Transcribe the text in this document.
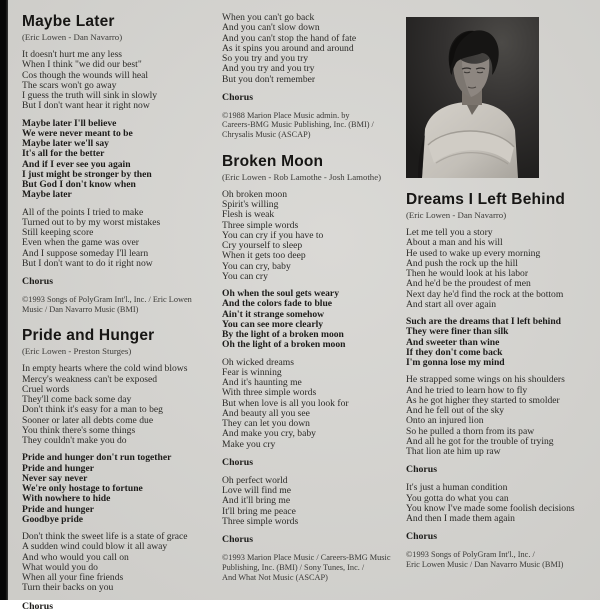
Maybe Later
(Eric Lowen - Dan Navarro)
It doesn't hurt me any less
When I think "we did our best"
Cos though the wounds will heal
The scars won't go away
I guess the truth will sink in slowly
But I don't want hear it right now
Maybe later I'll believe
We were never meant to be
Maybe later we'll say
It's all for the better
And if I ever see you again
I just might be stronger by then
But God I don't know when
Maybe later
All of the points I tried to make
Turned out to by my worst mistakes
Still keeping score
Even when the game was over
And I suppose someday I'll learn
But I don't want to do it right now
Chorus
©1993 Songs of PolyGram Int'l., Inc. / Eric Lowen
Music / Dan Navarro Music (BMI)
Pride and Hunger
(Eric Lowen - Preston Sturges)
In empty hearts where the cold wind blows
Mercy's weakness can't be exposed
Cruel words
They'll come back some day
Don't think it's easy for a man to beg
Sooner or later all debts come due
You think there's some things
They couldn't make you do
Pride and hunger don't run together
Pride and hunger
Never say never
We're only hostage to fortune
With nowhere to hide
Pride and hunger
Goodbye pride
Don't think the sweet life is a state of grace
A sudden wind could blow it all away
And who would you call on
What would you do
When all your fine friends
Turn their backs on you
Chorus
When you can't go back
And you can't slow down
And you can't stop the hand of fate
As it spins you around and around
So you try and you try
And you try and you try
But you don't remember
Chorus
©1988 Marion Place Music admin. by
Careers-BMG Music Publishing, Inc. (BMI) /
Chrysalis Music (ASCAP)
Broken Moon
(Eric Lowen - Rob Lamothe - Josh Lamothe)
Oh broken moon
Spirit's willing
Flesh is weak
Three simple words
You can cry if you have to
Cry yourself to sleep
When it gets too deep
You can cry, baby
You can cry
Oh when the soul gets weary
And the colors fade to blue
Ain't it strange somehow
You can see more clearly
By the light of a broken moon
Oh the light of a broken moon
Oh wicked dreams
Fear is winning
And it's haunting me
With three simple words
But when love is all you look for
And beauty all you see
They can let you down
And make you cry, baby
Make you cry
Chorus
Oh perfect world
Love will find me
And it'll bring me
It'll bring me peace
Three simple words
Chorus
©1993 Marion Place Music / Careers-BMG Music
Publishing, Inc. (BMI) / Sony Tunes, Inc. /
And What Not Music (ASCAP)
Dreams I Left Behind
(Eric Lowen - Dan Navarro)
Let me tell you a story
About a man and his will
He used to wake up every morning
And push the rock up the hill
Then he would look at his labor
And he'd be the proudest of men
Next day he'd find the rock at the bottom
And start all over again
Such are the dreams that I left behind
They were finer than silk
And sweeter than wine
If they don't come back
I'm gonna lose my mind
He strapped some wings on his shoulders
And he tried to learn how to fly
As he got higher they started to smolder
And he fell out of the sky
Onto an injured lion
So he pulled a thorn from its paw
And all he got for the trouble of trying
That lion ate him up raw
Chorus
It's just a human condition
You gotta do what you can
You know I've made some foolish decisions
And then I made them again
Chorus
©1993 Songs of PolyGram Int'l., Inc. /
Eric Lowen Music / Dan Navarro Music (BMI)
